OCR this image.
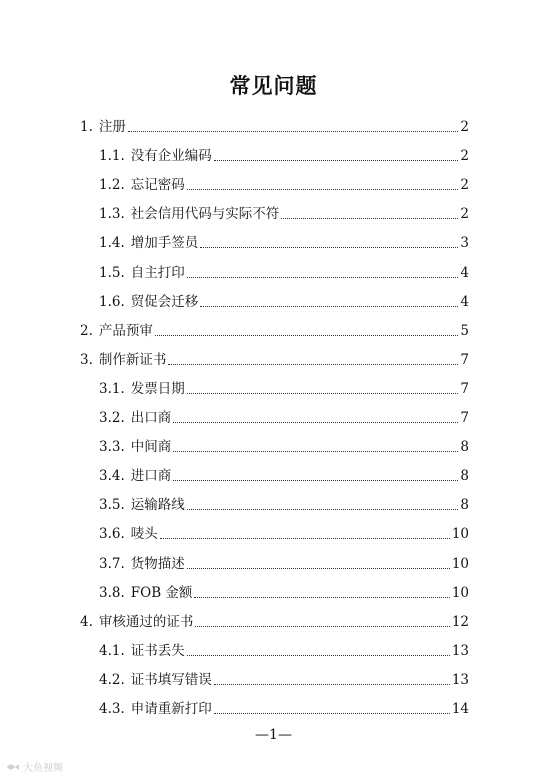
常见问题
1. 注册	2
1.1. 没有企业编码	2
1.2. 忘记密码	2
1.3. 社会信用代码与实际不符	2
1.4. 增加手签员	3
1.5. 自主打印	4
1.6. 贸促会迁移	4
2. 产品预审	5
3. 制作新证书	7
3.1. 发票日期	7
3.2. 出口商	7
3.3. 中间商	8
3.4. 进口商	8
3.5. 运输路线	8
3.6. 唛头	10
3.7. 货物描述	10
3.8. FOB 金额	10
4. 审核通过的证书	12
4.1. 证书丢失	13
4.2. 证书填写错误	13
4.3. 申请重新打印	14
—1—
大鱼视频
